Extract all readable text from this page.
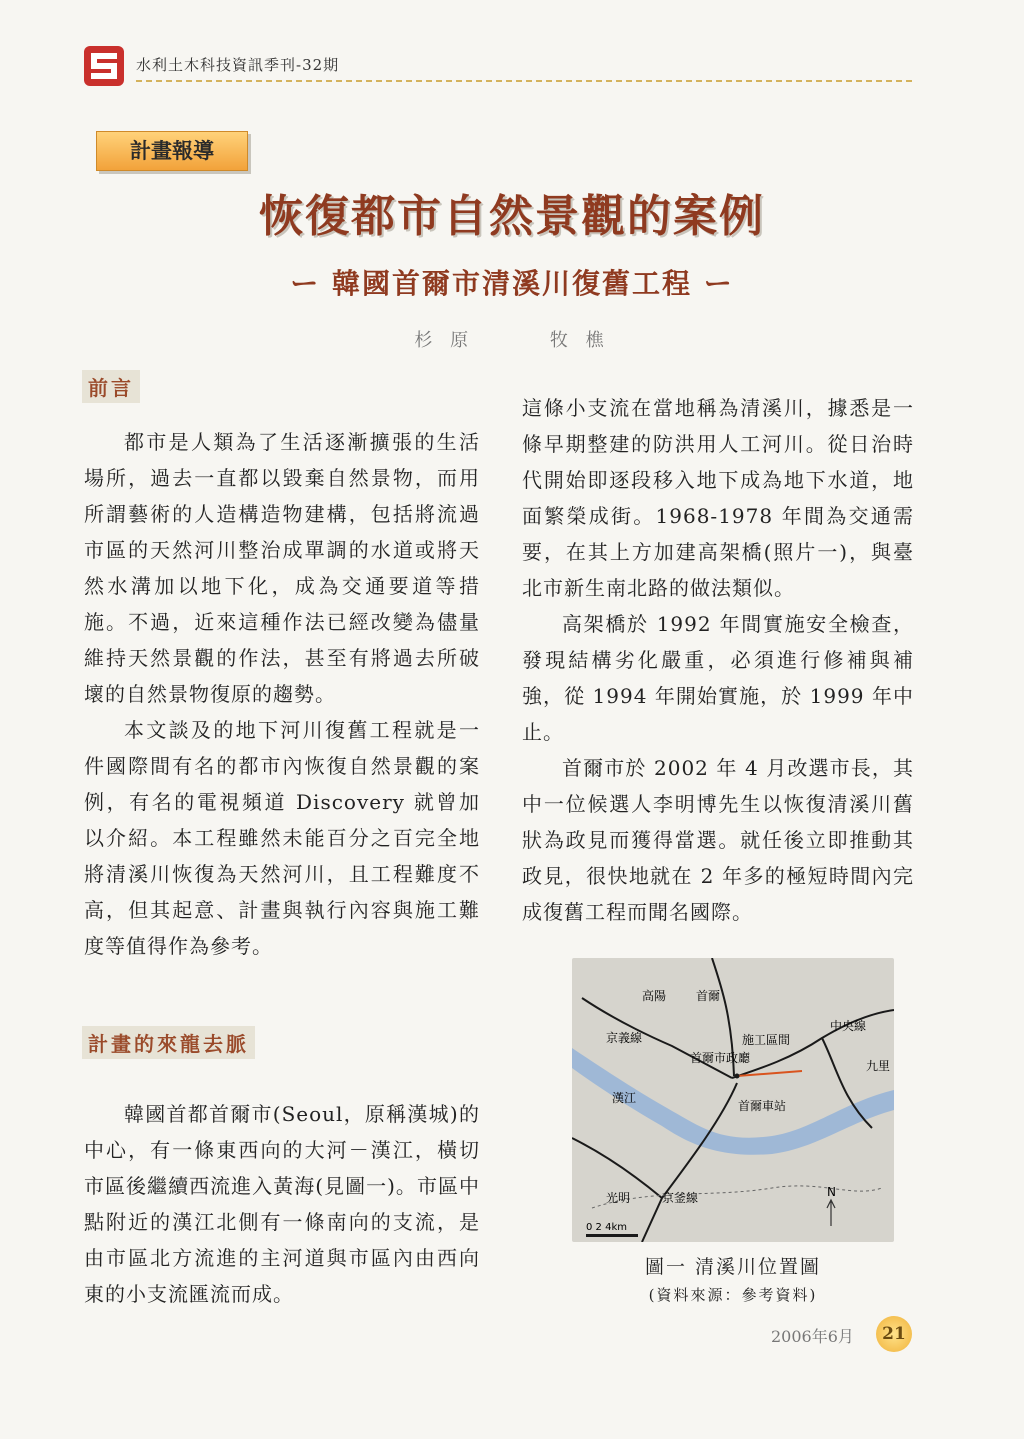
水利土木科技資訊季刊-32期
計畫報導
恢復都市自然景觀的案例
ー 韓國首爾市清溪川復舊工程 ー
杉 原	牧 樵
前言

都市是人類為了生活逐漸擴張的生活場所，過去一直都以毀棄自然景物，而用所謂藝術的人造構造物建構，包括將流過市區的天然河川整治成單調的水道或將天然水溝加以地下化，成為交通要道等措施。不過，近來這種作法已經改變為儘量維持天然景觀的作法，甚至有將過去所破壞的自然景物復原的趨勢。

本文談及的地下河川復舊工程就是一件國際間有名的都市內恢復自然景觀的案例，有名的電視頻道 Discovery 就曾加以介紹。本工程雖然未能百分之百完全地將清溪川恢復為天然河川，且工程難度不高，但其起意、計畫與執行內容與施工難度等值得作為參考。

計畫的來龍去脈

韓國首都首爾市(Seoul，原稱漢城)的中心，有一條東西向的大河－漢江，橫切市區後繼續西流進入黃海(見圖一)。市區中點附近的漢江北側有一條南向的支流，是由市區北方流進的主河道與市區內由西向東的小支流匯流而成。

這條小支流在當地稱為清溪川，據悉是一條早期整建的防洪用人工河川。從日治時代開始即逐段移入地下成為地下水道，地面繁榮成街。1968-1978 年間為交通需要，在其上方加建高架橋(照片一)，與臺北市新生南北路的做法類似。

高架橋於 1992 年間實施安全檢查，發現結構劣化嚴重，必須進行修補與補強，從 1994 年開始實施，於 1999 年中止。

首爾市於 2002 年 4 月改選市長，其中一位候選人李明博先生以恢復清溪川舊狀為政見而獲得當選。就任後立即推動其政見，很快地就在 2 年多的極短時間內完成復舊工程而聞名國際。

高陽 首爾
京義線	施工區間
中央線
九里
首爾市政廳
漢江
首爾車站
光明	京釜線	N
0 2 4km
圖一 清溪川位置圖
(資料來源：參考資料)
2006年6月	21
